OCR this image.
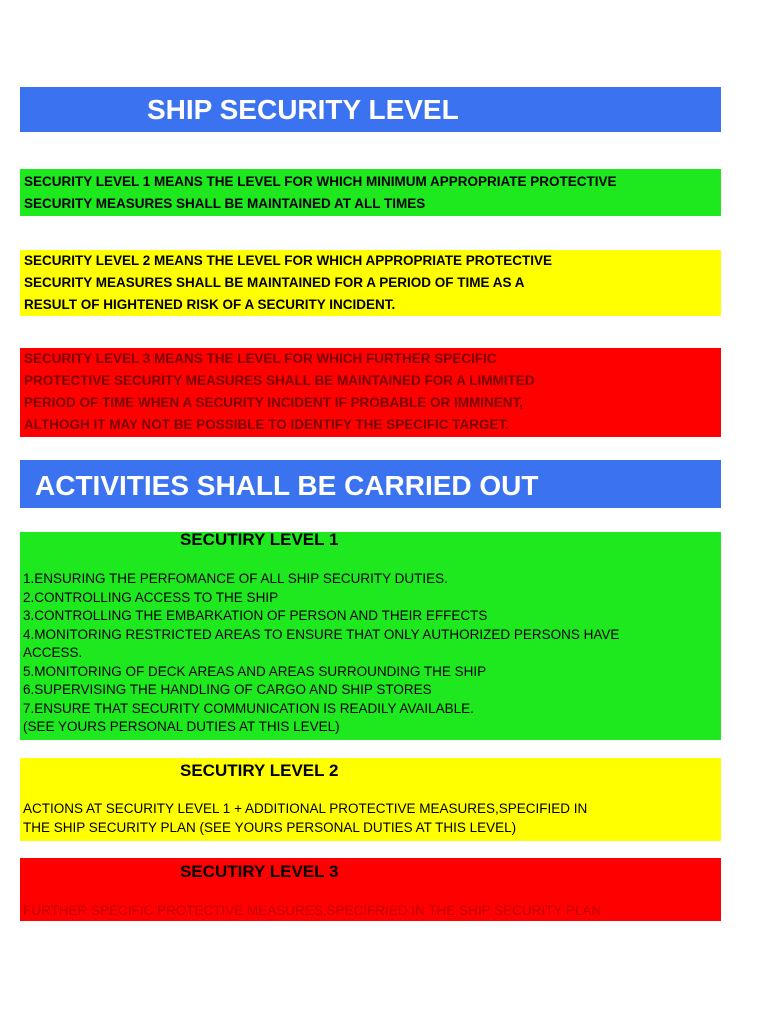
SHIP SECURITY LEVEL

SECURITY LEVEL 1 MEANS THE LEVEL FOR WHICH MINIMUM APPROPRIATE PROTECTIVE

SECURITY MEASURES SHALL BE MAINTAINED AT ALL TIMES

SECURITY LEVEL 2 MEANS THE LEVEL FOR WHICH APPROPRIATE PROTECTIVE

SECURITY MEASURES SHALL BE MAINTAINED FOR A PERIOD OF TIME AS A

RESULT OF HIGHTENED RISK OF A SECURITY INCIDENT.

SECURITY LEVEL 3 MEANS THE LEVEL FOR WHICH FURTHER SPECIFIC

PROTECTIVE SECURITY MEASURES SHALL BE MAINTAINED FOR A LIMMITED

PERIOD OF TIME WHEN A SECURITY INCIDENT IF PROBABLE OR IMMINENT,

ALTHOGH IT MAY NOT BE POSSIBLE TO IDENTIFY THE SPECIFIC TARGET.

ACTIVITIES SHALL BE CARRIED OUT
SECUTIRY LEVEL 1

1.ENSURING THE PERFOMANCE OF ALL SHIP SECURITY DUTIES.

2.CONTROLLING ACCESS TO THE SHIP

3.CONTROLLING THE EMBARKATION OF PERSON AND THEIR EFFECTS

4.MONITORING RESTRICTED AREAS TO ENSURE THAT ONLY AUTHORIZED PERSONS HAVE

ACCESS.

5.MONITORING OF DECK AREAS AND AREAS SURROUNDING THE SHIP

6.SUPERVISING THE HANDLING OF CARGO AND SHIP STORES

7.ENSURE THAT SECURITY COMMUNICATION IS READILY AVAILABLE.

(SEE YOURS PERSONAL DUTIES AT THIS LEVEL)

SECUTIRY LEVEL 2

ACTIONS AT SECURITY LEVEL 1 + ADDITIONAL PROTECTIVE MEASURES,SPECIFIED IN

THE SHIP SECURITY PLAN (SEE YOURS PERSONAL DUTIES AT THIS LEVEL)

SECUTIRY LEVEL 3

FURTHER SPECIFIC PROTECTIVE MEASURES,SPECIFRIED IN THE SHIP SECURITY PLAN
